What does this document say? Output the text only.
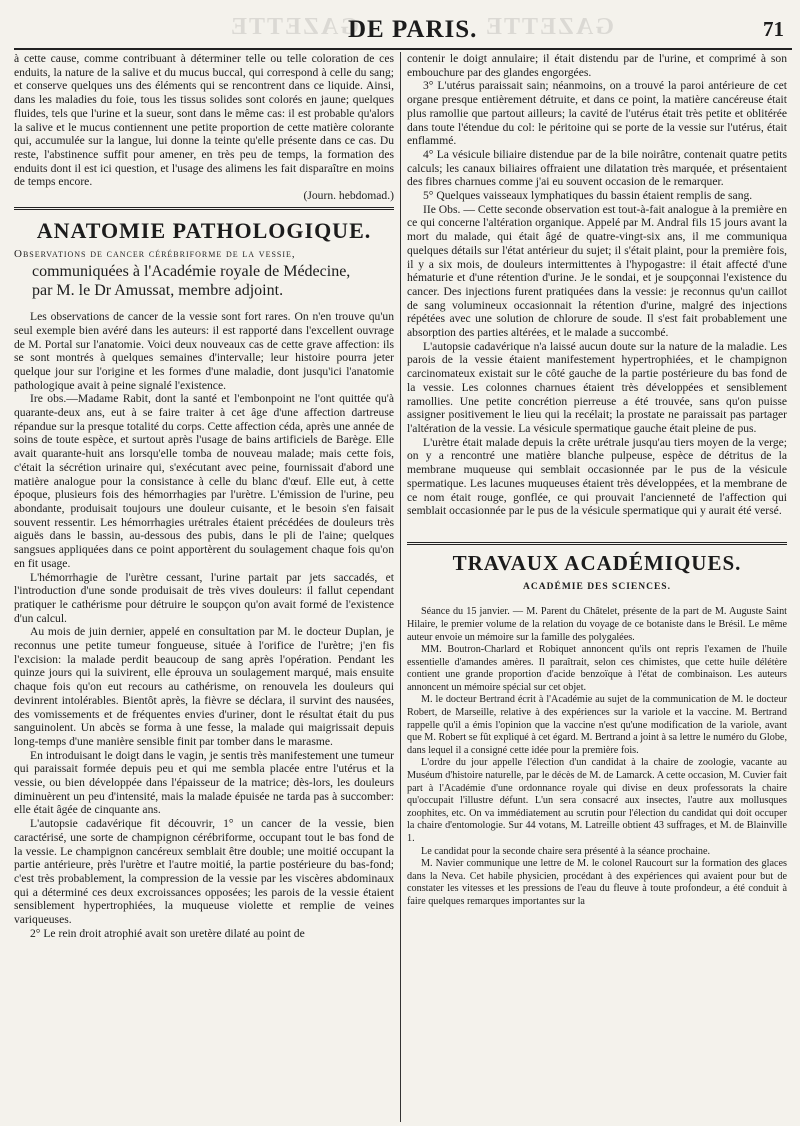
GAZETTE	GAZETTE
DE PARIS.	71

à cette cause, comme contribuant à déterminer telle ou telle coloration de ces enduits, la nature de la salive et du mucus buccal, qui correspond à celle du sang; et conserve quelques uns des éléments qui se rencontrent dans ce liquide. Ainsi, dans les maladies du foie, tous les tissus solides sont colorés en jaune; quelques fluides, tels que l'urine et la sueur, sont dans le même cas: il est probable qu'alors la salive et le mucus contiennent une petite proportion de cette matière colorante qui, accumulée sur la langue, lui donne la teinte qu'elle présente dans ce cas. Du reste, l'abstinence suffit pour amener, en très peu de temps, la formation des enduits dont il est ici question, et l'usage des alimens les fait disparaître en moins de temps encore.

(Journ. hebdomad.)
ANATOMIE PATHOLOGIQUE.
Observations de cancer cérébriforme de la vessie,
communiquées à l'Académie royale de Médecine,
par M. le Dr Amussat, membre adjoint.

Les observations de cancer de la vessie sont fort rares. On n'en trouve qu'un seul exemple bien avéré dans les auteurs: il est rapporté dans l'excellent ouvrage de M. Portal sur l'anatomie. Voici deux nouveaux cas de cette grave affection: ils se sont montrés à quelques semaines d'intervalle; leur histoire pourra jeter quelque jour sur l'origine et les formes d'une maladie, dont jusqu'ici l'anatomie pathologique avait à peine signalé l'existence.

Ire obs.—Madame Rabit, dont la santé et l'embonpoint ne l'ont quittée qu'à quarante-deux ans, eut à se faire traiter à cet âge d'une affection dartreuse répandue sur la presque totalité du corps. Cette affection céda, après une année de soins de toute espèce, et surtout après l'usage de bains artificiels de Barège. Elle avait quarante-huit ans lorsqu'elle tomba de nouveau malade; mais cette fois, c'était la sécrétion urinaire qui, s'exécutant avec peine, fournissait d'abord une matière analogue pour la consistance à celle du blanc d'œuf. Elle eut, à cette époque, plusieurs fois des hémorrhagies par l'urètre. L'émission de l'urine, peu abondante, produisait toujours une douleur cuisante, et le besoin s'en faisait souvent ressentir. Les hémorrhagies urétrales étaient précédées de douleurs très aiguës dans le bassin, au-dessous des pubis, dans le pli de l'aine; quelques sangsues appliquées dans ce point apportèrent du soulagement chaque fois qu'on en fit usage.

L'hémorrhagie de l'urètre cessant, l'urine partait par jets saccadés, et l'introduction d'une sonde produisait de très vives douleurs: il fallut cependant pratiquer le cathérisme pour détruire le soupçon qu'on avait formé de l'existence d'un calcul.

Au mois de juin dernier, appelé en consultation par M. le docteur Duplan, je reconnus une petite tumeur fongueuse, située à l'orifice de l'urètre; j'en fis l'excision: la malade perdit beaucoup de sang après l'opération. Pendant les quinze jours qui la suivirent, elle éprouva un soulagement marqué, mais ensuite chaque fois qu'on eut recours au cathérisme, on renouvela les douleurs qui devinrent intolérables. Bientôt après, la fièvre se déclara, il survint des nausées, des vomissements et de fréquentes envies d'uriner, dont le résultat était du pus sanguinolent. Un abcès se forma à une fesse, la malade qui maigrissait depuis long-temps d'une manière sensible finit par tomber dans le marasme.

En introduisant le doigt dans le vagin, je sentis très manifestement une tumeur qui paraissait formée depuis peu et qui me sembla placée entre l'utérus et la vessie, ou bien développée dans l'épaisseur de la matrice; dès-lors, les douleurs diminuèrent un peu d'intensité, mais la malade épuisée ne tarda pas à succomber: elle était âgée de cinquante ans.

L'autopsie cadavérique fit découvrir, 1° un cancer de la vessie, bien caractérisé, une sorte de champignon cérébriforme, occupant tout le bas fond de la vessie. Le champignon cancéreux semblait être double; une moitié occupant la partie antérieure, près l'urètre et l'autre moitié, la partie postérieure du bas-fond; c'est très probablement, la compression de la vessie par les viscères abdominaux qui a déterminé ces deux excroissances opposées; les parois de la vessie étaient sensiblement hypertrophiées, la muqueuse violette et remplie de veines variqueuses.

2° Le rein droit atrophié avait son uretère dilaté au point de

contenir le doigt annulaire; il était distendu par de l'urine, et comprimé à son embouchure par des glandes engorgées.

3° L'utérus paraissait sain; néanmoins, on a trouvé la paroi antérieure de cet organe presque entièrement détruite, et dans ce point, la matière cancéreuse était plus ramollie que partout ailleurs; la cavité de l'utérus était très petite et oblitérée dans toute l'étendue du col: le péritoine qui se porte de la vessie sur l'utérus, était enflammé.

4° La vésicule biliaire distendue par de la bile noirâtre, contenait quatre petits calculs; les canaux biliaires offraient une dilatation très marquée, et présentaient des fibres charnues comme j'ai eu souvent occasion de le remarquer.

5° Quelques vaisseaux lymphatiques du bassin étaient remplis de sang.

IIe Obs. — Cette seconde observation est tout-à-fait analogue à la première en ce qui concerne l'altération organique. Appelé par M. Andral fils 15 jours avant la mort du malade, qui était âgé de quatre-vingt-six ans, il me communiqua quelques détails sur l'état antérieur du sujet; il s'était plaint, pour la première fois, il y a six mois, de douleurs intermittentes à l'hypogastre: il était affecté d'une hématurie et d'une rétention d'urine. Je le sondai, et je soupçonnai l'existence du cancer. Des injections furent pratiquées dans la vessie: je reconnus qu'un caillot de sang volumineux occasionnait la rétention d'urine, malgré des injections répétées avec une solution de chlorure de soude. Il s'est fait probablement une absorption des parties altérées, et le malade a succombé.

L'autopsie cadavérique n'a laissé aucun doute sur la nature de la maladie. Les parois de la vessie étaient manifestement hypertrophiées, et le champignon carcinomateux existait sur le côté gauche de la partie postérieure du bas fond de la vessie. Les colonnes charnues étaient très développées et sensiblement ramollies. Une petite concrétion pierreuse a été trouvée, sans qu'on puisse assigner positivement le lieu qui la recélait; la prostate ne paraissait pas partager l'altération de la vessie. La vésicule spermatique gauche était pleine de pus.

L'urètre était malade depuis la crête urétrale jusqu'au tiers moyen de la verge; on y a rencontré une matière blanche pulpeuse, espèce de détritus de la membrane muqueuse qui semblait occasionnée par le pus de la vésicule spermatique. Les lacunes muqueuses étaient très développées, et la membrane de ce nom était rouge, gonflée, ce qui prouvait l'ancienneté de l'affection qui semblait occasionnée par le pus de la vésicule spermatique qui y aurait été versé.

TRAVAUX ACADÉMIQUES.
ACADÉMIE DES SCIENCES.

Séance du 15 janvier. — M. Parent du Châtelet, présente de la part de M. Auguste Saint Hilaire, le premier volume de la relation du voyage de ce botaniste dans le Brésil. Le même auteur envoie un mémoire sur la famille des polygalées.

MM. Boutron-Charlard et Robiquet annoncent qu'ils ont repris l'examen de l'huile essentielle d'amandes amères. Il paraîtrait, selon ces chimistes, que cette huile délétère contient une grande proportion d'acide benzoïque à l'état de combinaison. Les auteurs annoncent un mémoire spécial sur cet objet.

M. le docteur Bertrand écrit à l'Académie au sujet de la communication de M. le docteur Robert, de Marseille, relative à des expériences sur la variole et la vaccine. M. Bertrand rappelle qu'il a émis l'opinion que la vaccine n'est qu'une modification de la variole, avant que M. Robert se fût expliqué à cet égard. M. Bertrand a joint à sa lettre le numéro du Globe, dans lequel il a consigné cette idée pour la première fois.

L'ordre du jour appelle l'élection d'un candidat à la chaire de zoologie, vacante au Muséum d'histoire naturelle, par le décès de M. de Lamarck. A cette occasion, M. Cuvier fait part à l'Académie d'une ordonnance royale qui divise en deux professorats la chaire qu'occupait l'illustre défunt. L'un sera consacré aux insectes, l'autre aux mollusques zoophites, etc. On va immédiatement au scrutin pour l'élection du candidat qui doit occuper la chaire d'entomologie. Sur 44 votans, M. Latreille obtient 43 suffrages, et M. de Blainville 1.

Le candidat pour la seconde chaire sera présenté à la séance prochaine.

M. Navier communique une lettre de M. le colonel Raucourt sur la formation des glaces dans la Neva. Cet habile physicien, procédant à des expériences qui avaient pour but de constater les vitesses et les pressions de l'eau du fleuve à toute profondeur, a été conduit à faire quelques remarques importantes sur la
